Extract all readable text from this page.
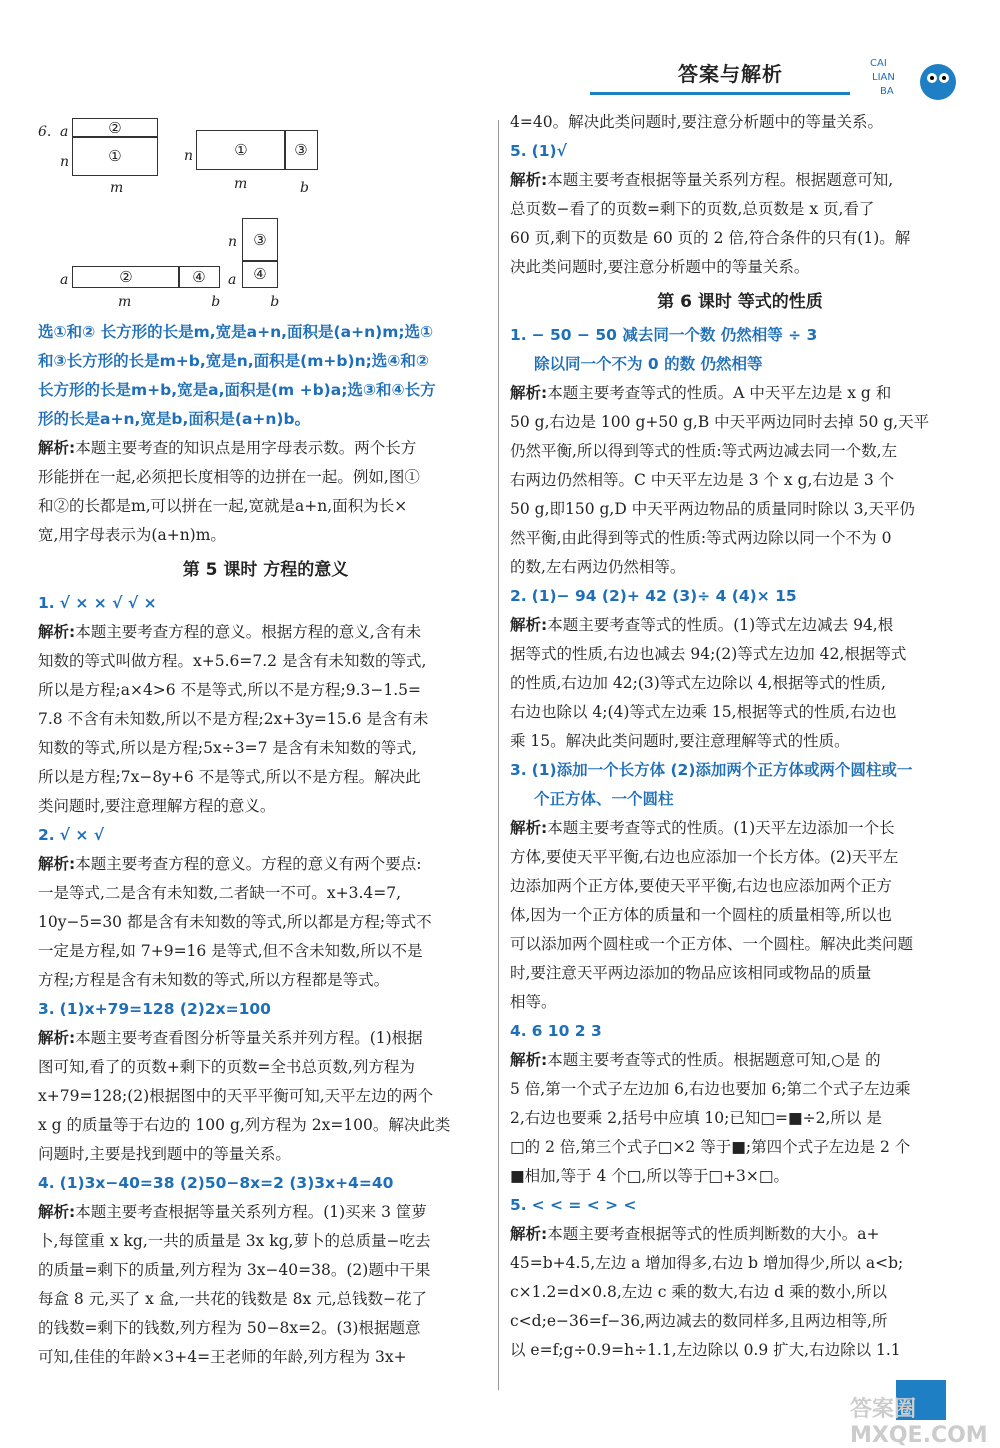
答案与解析	CAI
LIAN
BA
6. a
n
②
①
m
n	①	③
m	b
a	②	④
n
a
③
④
m	b	b

选①和② 长方形的长是m,宽是a+n,面积是(a+n)m;选①

和③长方形的长是m+b,宽是n,面积是(m+b)n;选④和②

长方形的长是m+b,宽是a,面积是(m +b)a;选③和④长方

形的长是a+n,宽是b,面积是(a+n)b。

解析:本题主要考查的知识点是用字母表示数。两个长方

形能拼在一起,必须把长度相等的边拼在一起。例如,图①

和②的长都是m,可以拼在一起,宽就是a+n,面积为长×

宽,用字母表示为(a+n)m。

第 5 课时 方程的意义

1. √ × × √ √ ×

解析:本题主要考查方程的意义。根据方程的意义,含有未

知数的等式叫做方程。x+5.6=7.2 是含有未知数的等式,

所以是方程;a×4>6 不是等式,所以不是方程;9.3−1.5=

7.8 不含有未知数,所以不是方程;2x+3y=15.6 是含有未

知数的等式,所以是方程;5x÷3=7 是含有未知数的等式,

所以是方程;7x−8y+6 不是等式,所以不是方程。解决此

类问题时,要注意理解方程的意义。

2. √ × √

解析:本题主要考查方程的意义。方程的意义有两个要点:

一是等式,二是含有未知数,二者缺一不可。x+3.4=7,

10y−5=30 都是含有未知数的等式,所以都是方程;等式不

一定是方程,如 7+9=16 是等式,但不含未知数,所以不是

方程;方程是含有未知数的等式,所以方程都是等式。

3. (1)x+79=128 (2)2x=100

解析:本题主要考查看图分析等量关系并列方程。(1)根据

图可知,看了的页数+剩下的页数=全书总页数,列方程为

x+79=128;(2)根据图中的天平平衡可知,天平左边的两个

x g 的质量等于右边的 100 g,列方程为 2x=100。解决此类

问题时,主要是找到题中的等量关系。

4. (1)3x−40=38 (2)50−8x=2 (3)3x+4=40

解析:本题主要考查根据等量关系列方程。(1)买来 3 筐萝

卜,每筐重 x kg,一共的质量是 3x kg,萝卜的总质量−吃去

的质量=剩下的质量,列方程为 3x−40=38。(2)题中干果

每盒 8 元,买了 x 盒,一共花的钱数是 8x 元,总钱数−花了

的钱数=剩下的钱数,列方程为 50−8x=2。(3)根据题意

可知,佳佳的年龄×3+4=王老师的年龄,列方程为 3x+

4=40。解决此类问题时,要注意分析题中的等量关系。

5. (1)√

解析:本题主要考查根据等量关系列方程。根据题意可知,

总页数−看了的页数=剩下的页数,总页数是 x 页,看了

60 页,剩下的页数是 60 页的 2 倍,符合条件的只有(1)。解

决此类问题时,要注意分析题中的等量关系。

第 6 课时 等式的性质

1. − 50 − 50 减去同一个数 仍然相等 ÷ 3

除以同一个不为 0 的数 仍然相等

解析:本题主要考查等式的性质。A 中天平左边是 x g 和

50 g,右边是 100 g+50 g,B 中天平两边同时去掉 50 g,天平

仍然平衡,所以得到等式的性质:等式两边减去同一个数,左

右两边仍然相等。C 中天平左边是 3 个 x g,右边是 3 个

50 g,即150 g,D 中天平两边物品的质量同时除以 3,天平仍

然平衡,由此得到等式的性质:等式两边除以同一个不为 0

的数,左右两边仍然相等。

2. (1)− 94 (2)+ 42 (3)÷ 4 (4)× 15

解析:本题主要考查等式的性质。(1)等式左边减去 94,根

据等式的性质,右边也减去 94;(2)等式左边加 42,根据等式

的性质,右边加 42;(3)等式左边除以 4,根据等式的性质,

右边也除以 4;(4)等式左边乘 15,根据等式的性质,右边也

乘 15。解决此类问题时,要注意理解等式的性质。

3. (1)添加一个长方体 (2)添加两个正方体或两个圆柱或一

个正方体、一个圆柱

解析:本题主要考查等式的性质。(1)天平左边添加一个长

方体,要使天平平衡,右边也应添加一个长方体。(2)天平左

边添加两个正方体,要使天平平衡,右边也应添加两个正方

体,因为一个正方体的质量和一个圆柱的质量相等,所以也

可以添加两个圆柱或一个正方体、一个圆柱。解决此类问题

时,要注意天平两边添加的物品应该相同或物品的质量

相等。

4. 6 10 2 3

解析:本题主要考查等式的性质。根据题意可知,○是 的

5 倍,第一个式子左边加 6,右边也要加 6;第二个式子左边乘

2,右边也要乘 2,括号中应填 10;已知□=■÷2,所以 是

□的 2 倍,第三个式子□×2 等于■;第四个式子左边是 2 个

■相加,等于 4 个□,所以等于□+3×□。

5. < < = < > <

解析:本题主要考查根据等式的性质判断数的大小。a+

45=b+4.5,左边 a 增加得多,右边 b 增加得少,所以 a<b;

c×1.2=d×0.8,左边 c 乘的数大,右边 d 乘的数小,所以

c<d;e−36=f−36,两边减去的数同样多,且两边相等,所

以 e=f;g÷0.9=h÷1.1,左边除以 0.9 扩大,右边除以 1.1

答案圈 MXQE.COM
